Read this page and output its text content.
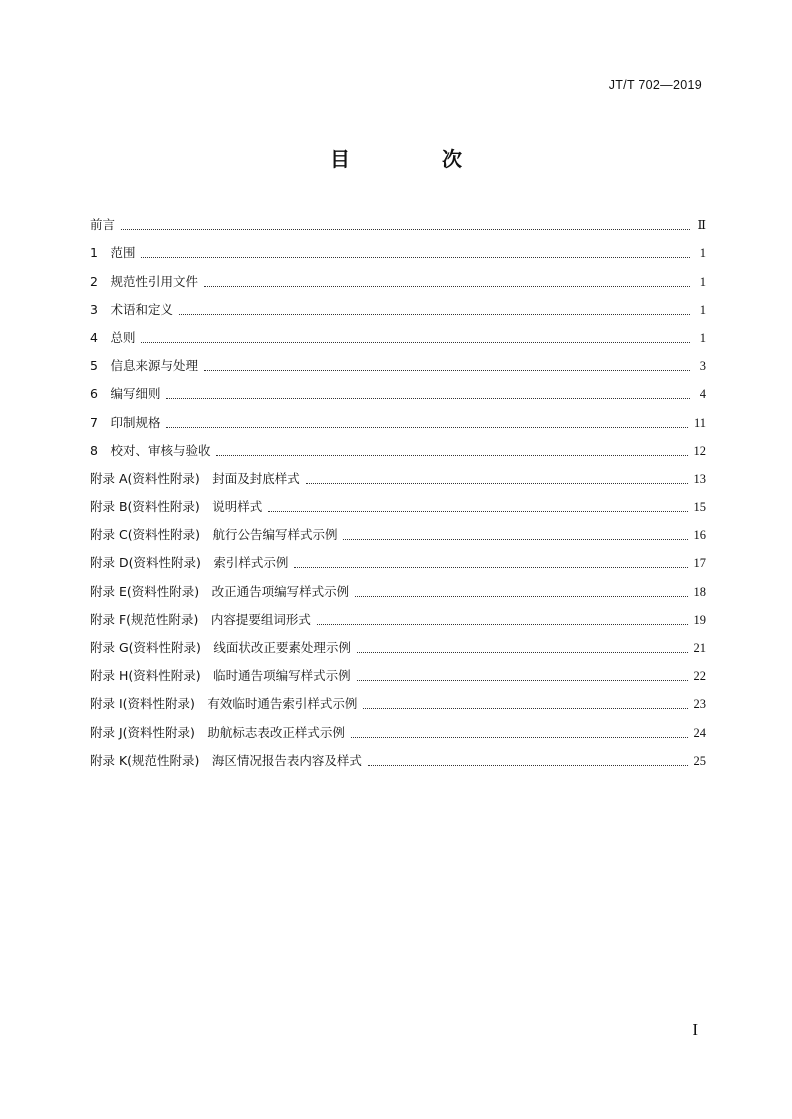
JT/T 702—2019
目　次
前言	Ⅱ
1　范围	1
2　规范性引用文件	1
3　术语和定义	1
4　总则	1
5　信息来源与处理	3
6　编写细则	4
7　印制规格	11
8　校对、审核与验收	12
附录 A(资料性附录)　封面及封底样式	13
附录 B(资料性附录)　说明样式	15
附录 C(资料性附录)　航行公告编写样式示例	16
附录 D(资料性附录)　索引样式示例	17
附录 E(资料性附录)　改正通告项编写样式示例	18
附录 F(规范性附录)　内容提要组词形式	19
附录 G(资料性附录)　线面状改正要素处理示例	21
附录 H(资料性附录)　临时通告项编写样式示例	22
附录 I(资料性附录)　有效临时通告索引样式示例	23
附录 J(资料性附录)　助航标志表改正样式示例	24
附录 K(规范性附录)　海区情况报告表内容及样式	25
I
